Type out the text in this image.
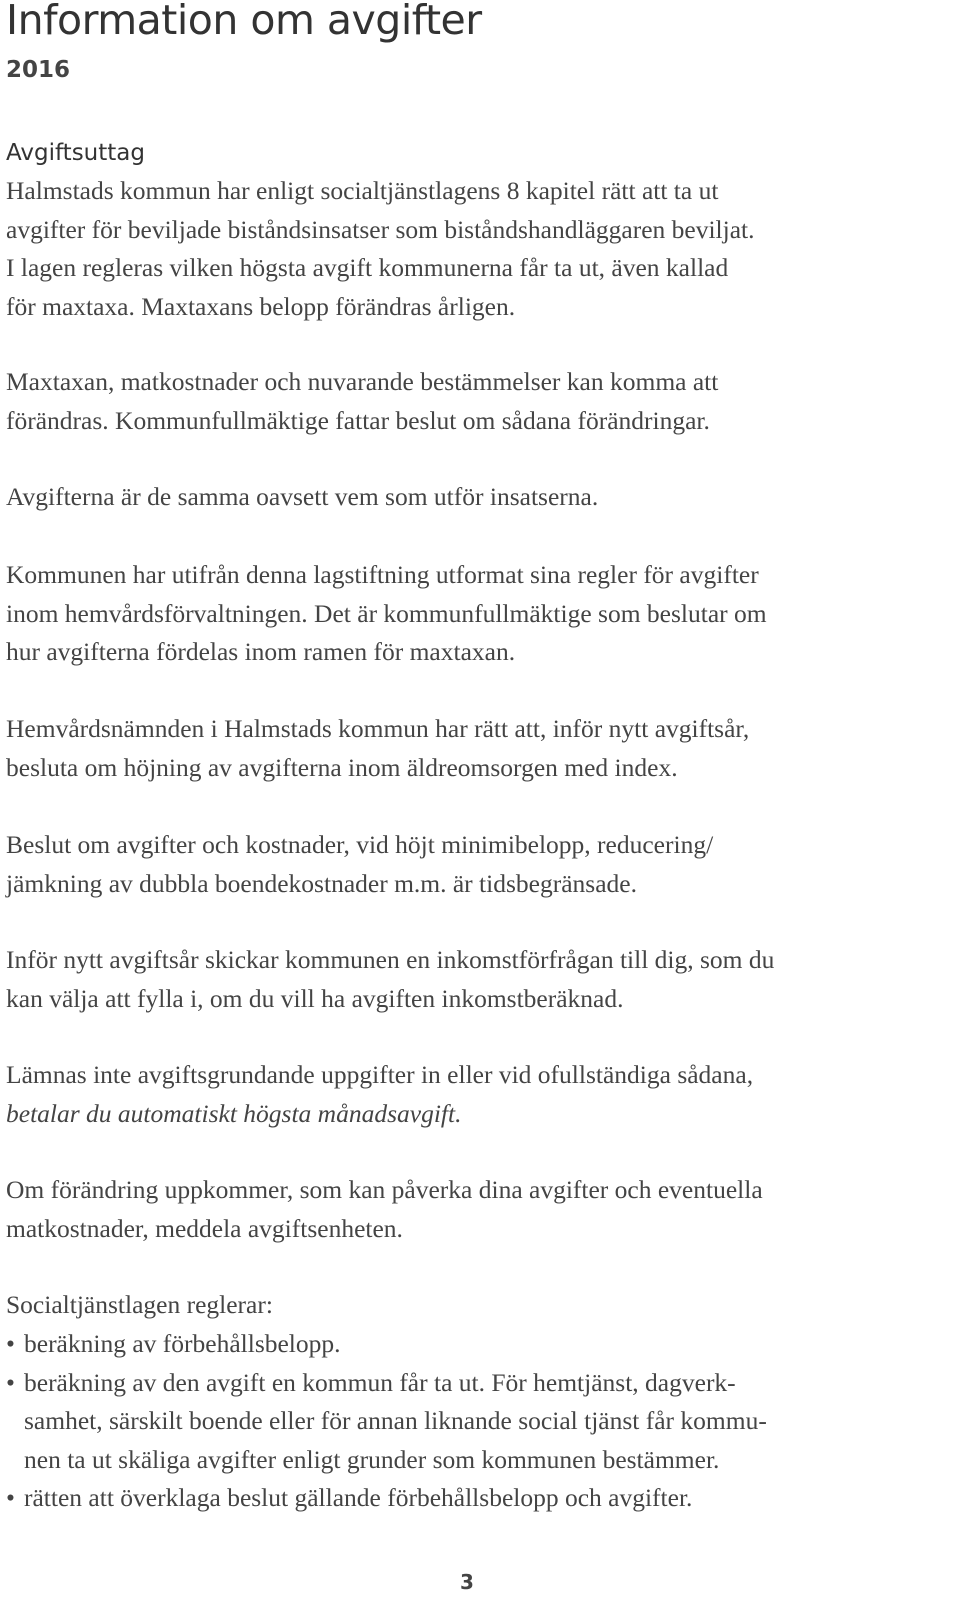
Information om avgifter
2016
Avgiftsuttag

Halmstads kommun har enligt socialtjänstlagens 8 kapitel rätt att ta ut
avgifter för beviljade biståndsinsatser som biståndshandläggaren beviljat.
I lagen regleras vilken högsta avgift kommunerna får ta ut, även kallad
för maxtaxa. Maxtaxans belopp förändras årligen.

Maxtaxan, matkostnader och nuvarande bestämmelser kan komma att
förändras. Kommunfullmäktige fattar beslut om sådana förändringar.

Avgifterna är de samma oavsett vem som utför insatserna.

Kommunen har utifrån denna lagstiftning utformat sina regler för avgifter
inom hemvårdsförvaltningen. Det är kommunfullmäktige som beslutar om
hur avgifterna fördelas inom ramen för maxtaxan.

Hemvårdsnämnden i Halmstads kommun har rätt att, inför nytt avgiftsår,
besluta om höjning av avgifterna inom äldreomsorgen med index.

Beslut om avgifter och kostnader, vid höjt minimibelopp, reducering/
jämkning av dubbla boendekostnader m.m. är tidsbegränsade.

Inför nytt avgiftsår skickar kommunen en inkomstförfrågan till dig, som du
kan välja att fylla i, om du vill ha avgiften inkomstberäknad.

Lämnas inte avgiftsgrundande uppgifter in eller vid ofullständiga sådana,
betalar du automatiskt högsta månadsavgift.

Om förändring uppkommer, som kan påverka dina avgifter och eventuella
matkostnader, meddela avgiftsenheten.

Socialtjänstlagen reglerar:

• beräkning av förbehållsbelopp.
• beräkning av den avgift en kommun får ta ut. För hemtjänst, dagverk-
samhet, särskilt boende eller för annan liknande social tjänst får kommu-
nen ta ut skäliga avgifter enligt grunder som kommunen bestämmer.
• rätten att överklaga beslut gällande förbehållsbelopp och avgifter.
3
